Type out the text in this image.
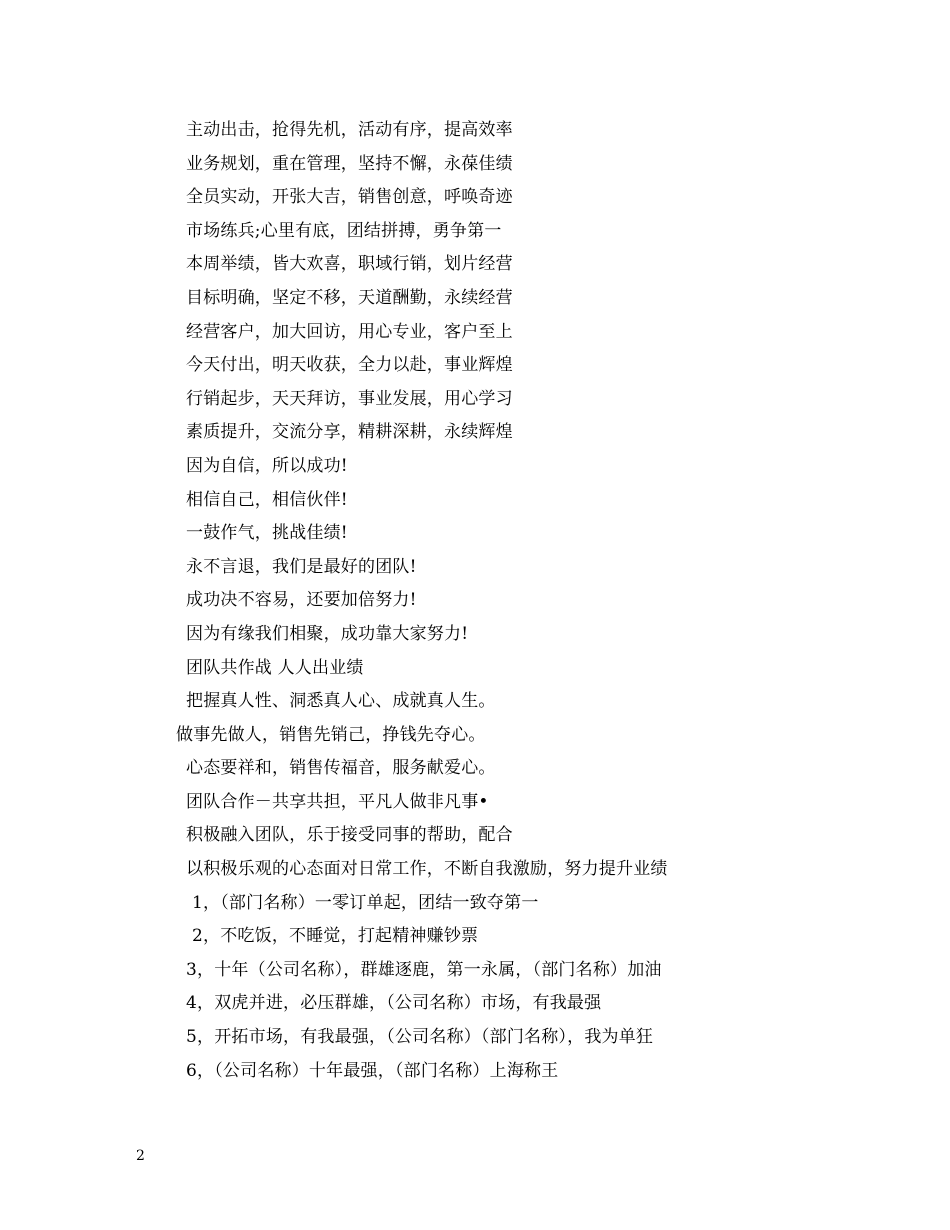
主动出击，抢得先机，活动有序，提高效率
业务规划，重在管理，坚持不懈，永葆佳绩
全员实动，开张大吉，销售创意，呼唤奇迹
市场练兵;心里有底，团结拼搏，勇争第一
本周举绩，皆大欢喜，职域行销，划片经营
目标明确，坚定不移，天道酬勤，永续经营
经营客户，加大回访，用心专业，客户至上
今天付出，明天收获，全力以赴，事业辉煌
行销起步，天天拜访，事业发展，用心学习
素质提升，交流分享，精耕深耕，永续辉煌
因为自信，所以成功!
相信自己，相信伙伴!
一鼓作气，挑战佳绩!
永不言退，我们是最好的团队!
成功决不容易，还要加倍努力!
因为有缘我们相聚，成功靠大家努力!
团队共作战 人人出业绩
把握真人性、洞悉真人心、成就真人生。
做事先做人，销售先销己，挣钱先夺心。
心态要祥和，销售传福音，服务献爱心。
团队合作－共享共担，平凡人做非凡事•
积极融入团队，乐于接受同事的帮助，配合
以积极乐观的心态面对日常工作，不断自我激励，努力提升业绩
1，（部门名称）一零订单起，团结一致夺第一
2，不吃饭，不睡觉，打起精神赚钞票
3，十年（公司名称），群雄逐鹿，第一永属，（部门名称）加油
4，双虎并进，必压群雄，（公司名称）市场，有我最强
5，开拓市场，有我最强，（公司名称）（部门名称），我为单狂
6，（公司名称）十年最强，（部门名称）上海称王
2
